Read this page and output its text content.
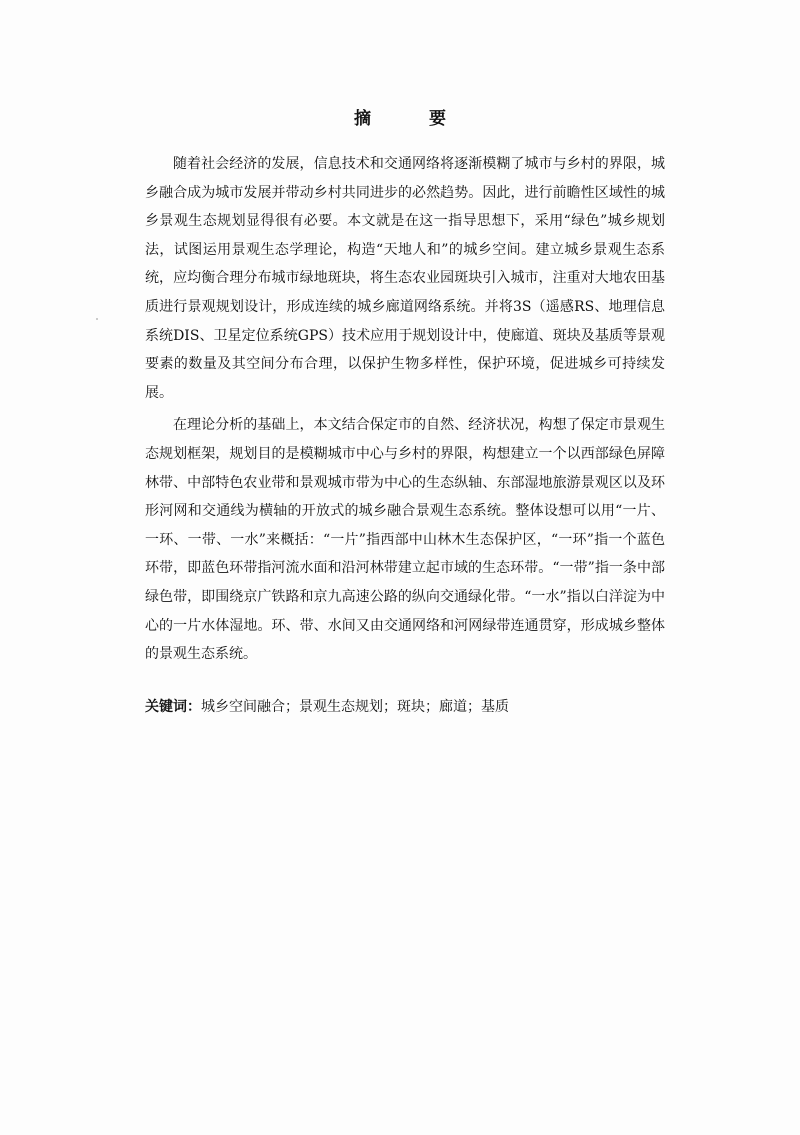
摘 要

随着社会经济的发展，信息技术和交通网络将逐渐模糊了城市与乡村的界限，城乡融合成为城市发展并带动乡村共同进步的必然趋势。因此，进行前瞻性区域性的城乡景观生态规划显得很有必要。本文就是在这一指导思想下，采用“绿色”城乡规划法，试图运用景观生态学理论，构造“天地人和”的城乡空间。建立城乡景观生态系统，应均衡合理分布城市绿地斑块，将生态农业园斑块引入城市，注重对大地农田基质进行景观规划设计，形成连续的城乡廊道网络系统。并将3S（遥感RS、地理信息系统DIS、卫星定位系统GPS）技术应用于规划设计中，使廊道、斑块及基质等景观要素的数量及其空间分布合理，以保护生物多样性，保护环境，促进城乡可持续发展。

在理论分析的基础上，本文结合保定市的自然、经济状况，构想了保定市景观生态规划框架，规划目的是模糊城市中心与乡村的界限，构想建立一个以西部绿色屏障林带、中部特色农业带和景观城市带为中心的生态纵轴、东部湿地旅游景观区以及环形河网和交通线为横轴的开放式的城乡融合景观生态系统。整体设想可以用“一片、一环、一带、一水”来概括：“一片”指西部中山林木生态保护区，“一环”指一个蓝色环带，即蓝色环带指河流水面和沿河林带建立起市域的生态环带。“一带”指一条中部绿色带，即围绕京广铁路和京九高速公路的纵向交通绿化带。“一水”指以白洋淀为中心的一片水体湿地。环、带、水间又由交通网络和河网绿带连通贯穿，形成城乡整体的景观生态系统。

关键词：城乡空间融合；景观生态规划；斑块；廊道；基质
